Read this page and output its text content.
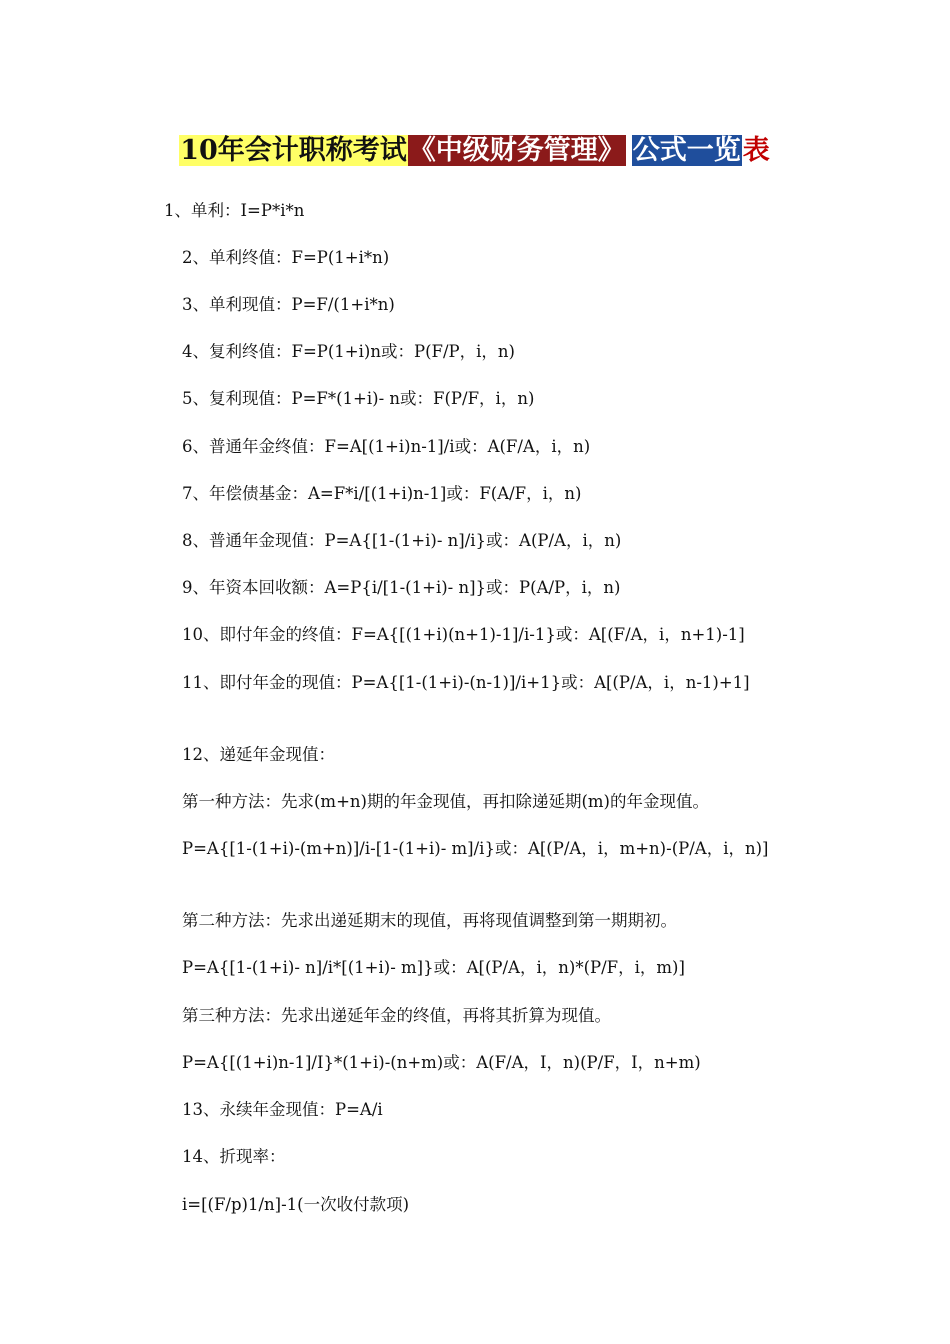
10年会计职称考试《中级财务管理》 公式一览表
1、单利：I=P*i*n
2、单利终值：F=P(1+i*n)
3、单利现值：P=F/(1+i*n)
4、复利终值：F=P(1+i)n或：P(F/P，i，n)
5、复利现值：P=F*(1+i)- n或：F(P/F，i，n)
6、普通年金终值：F=A[(1+i)n-1]/i或：A(F/A，i，n)
7、年偿债基金：A=F*i/[(1+i)n-1]或：F(A/F，i，n)
8、普通年金现值：P=A{[1-(1+i)- n]/i}或：A(P/A，i，n)
9、年资本回收额：A=P{i/[1-(1+i)- n]}或：P(A/P，i，n)
10、即付年金的终值：F=A{[(1+i)(n+1)-1]/i-1}或：A[(F/A，i，n+1)-1]
11、即付年金的现值：P=A{[1-(1+i)-(n-1)]/i+1}或：A[(P/A，i，n-1)+1]
12、递延年金现值：
第一种方法：先求(m+n)期的年金现值，再扣除递延期(m)的年金现值。
P=A{[1-(1+i)-(m+n)]/i-[1-(1+i)- m]/i}或：A[(P/A，i，m+n)-(P/A，i，n)]
第二种方法：先求出递延期末的现值，再将现值调整到第一期期初。
P=A{[1-(1+i)- n]/i*[(1+i)- m]}或：A[(P/A，i，n)*(P/F，i，m)]
第三种方法：先求出递延年金的终值，再将其折算为现值。
P=A{[(1+i)n-1]/I}*(1+i)-(n+m)或：A(F/A，I，n)(P/F，I，n+m)
13、永续年金现值：P=A/i
14、折现率：
i=[(F/p)1/n]-1(一次收付款项)
